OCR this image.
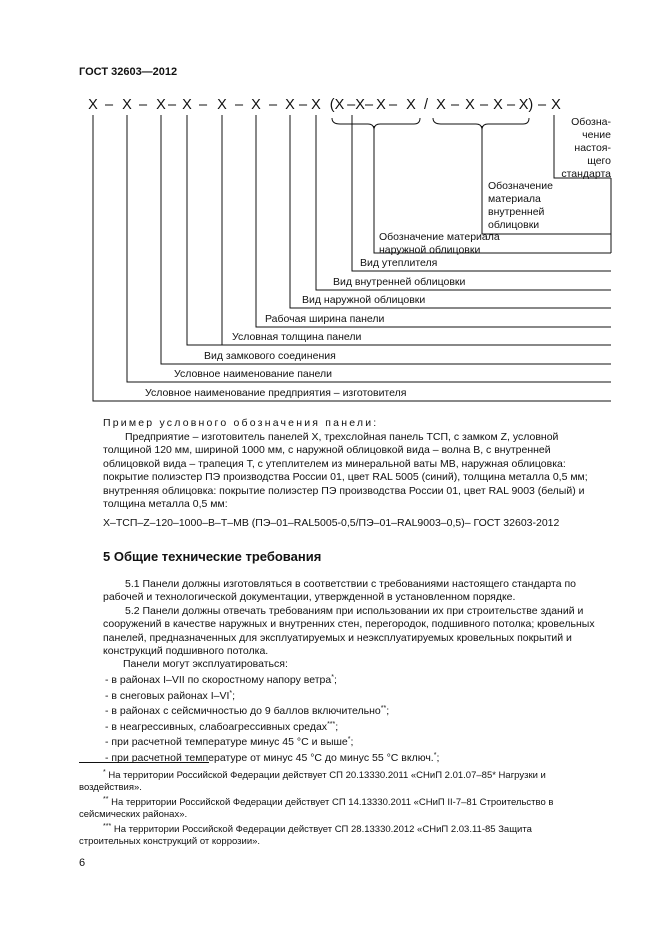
ГОСТ 32603—2012
X – X – X – X – X – X – X – X (X –X – X – X / X – X – X – X) – X
Обозна-
чение
настоя-
щего
стандарта
Обозначение
материала
внутренней
облицовки
Обозначение материала
наружной облицовки
Вид утеплителя
Вид внутренней облицовки
Вид наружной облицовки
Рабочая ширина панели
Условная толщина панели
Вид замкового соединения
Условное наименование панели
Условное наименование предприятия – изготовителя
Пример условного обозначения панели:
Предприятие – изготовитель панелей X, трехслойная панель ТСП, с замком Z, условной
толщиной 120 мм, шириной 1000 мм, с наружной облицовкой вида – волна B, с внутренней
облицовкой вида – трапеция Т, с утеплителем из минеральной ваты МВ, наружная облицовка:
покрытие полиэстер ПЭ производства России 01, цвет RAL 5005 (синий), толщина металла 0,5 мм;
внутренняя облицовка: покрытие полиэстер ПЭ производства России 01, цвет RAL 9003 (белый) и
толщина металла 0,5 мм:
X–ТСП–Z–120–1000–B–T–МВ (ПЭ–01–RAL5005-0,5/ПЭ–01–RAL9003–0,5)– ГОСТ 32603-2012
5 Общие технические требования
5.1 Панели должны изготовляться в соответствии с требованиями настоящего стандарта по
рабочей и технологической документации, утвержденной в установленном порядке.
5.2 Панели должны отвечать требованиям при использовании их при строительстве зданий и
сооружений в качестве наружных и внутренних стен, перегородок, подшивного потолка; кровельных
панелей, предназначенных для эксплуатируемых и неэксплуатируемых кровельных покрытий и
конструкций подшивного потолка.
Панели могут эксплуатироваться:
- в районах I–VII по скоростному напору ветра*;
- в снеговых районах I–VI*;
- в районах с сейсмичностью до 9 баллов включительно**;
- в неагрессивных, слабоагрессивных средах***;
- при расчетной температуре минус 45 °С и выше*;
- при расчетной температуре от минус 45 °С до минус 55 °С включ.*;
* На территории Российской Федерации действует СП 20.13330.2011 «СНиП 2.01.07–85* Нагрузки и
воздействия».
** На территории Российской Федерации действует СП 14.13330.2011 «СНиП II-7–81 Строительство в
сейсмических районах».
*** На территории Российской Федерации действует СП 28.13330.2012 «СНиП 2.03.11-85 Защита
строительных конструкций от коррозии».
6
